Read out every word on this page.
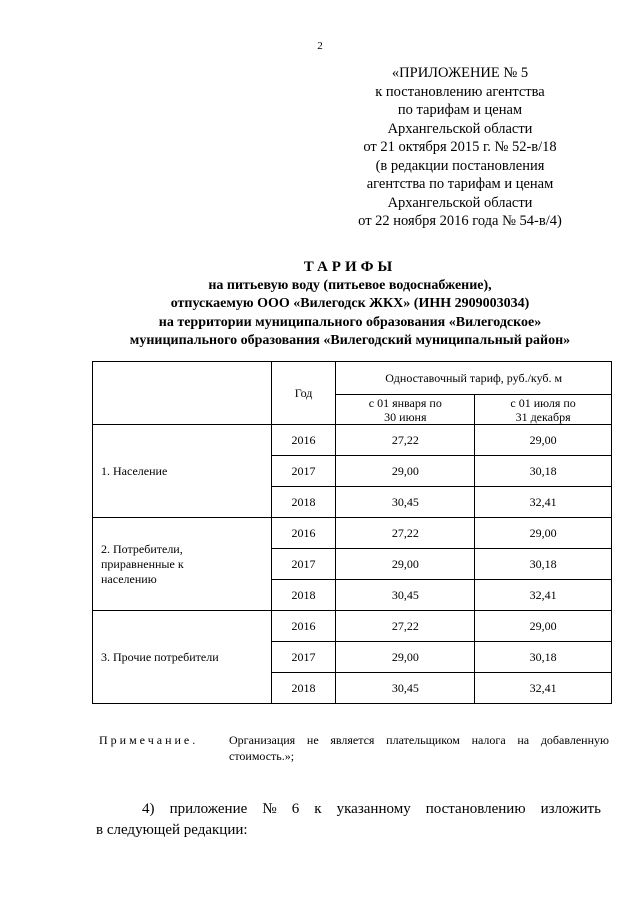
2
«ПРИЛОЖЕНИЕ № 5
к постановлению агентства
по тарифам и ценам
Архангельской области
от 21 октября 2015 г. № 52-в/18
(в редакции постановления
агентства по тарифам и ценам
Архангельской области
от 22 ноября 2016 года № 54-в/4)
ТАРИФЫ
на питьевую воду (питьевое водоснабжение),
отпускаемую ООО «Вилегодск ЖКХ» (ИНН 2909003034)
на территории муниципального образования «Вилегодское»
муниципального образования «Вилегодский муниципальный район»
	Год	Одноставочный тариф, руб./куб. м	
		с 01 января по 30 июня	с 01 июля по 31 декабря
1. Население	2016	27,22	29,00
	2017	29,00	30,18
	2018	30,45	32,41
2. Потребители, приравненные к населению	2016	27,22	29,00
	2017	29,00	30,18
	2018	30,45	32,41
3. Прочие потребители	2016	27,22	29,00
	2017	29,00	30,18
	2018	30,45	32,41
Примечание.	Организация не является плательщиком налога на добавленную стоимость.»;
4) приложение № 6 к указанному постановлению изложить
в следующей редакции:
